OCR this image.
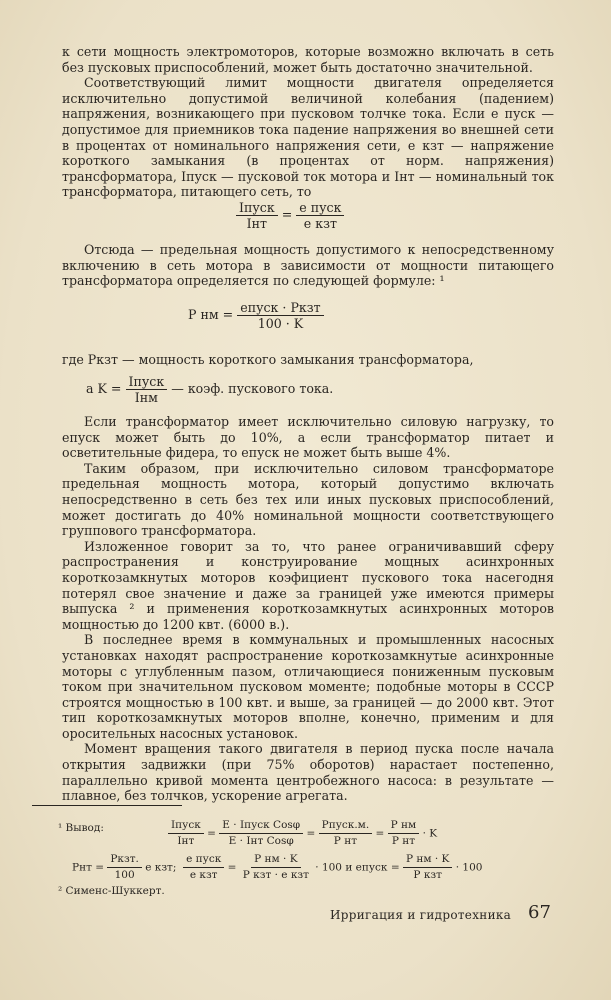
к сети мощность электромоторов, которые возможно включать в сеть без пусковых приспособлений, может быть достаточно значительной.

Соответствующий лимит мощности двигателя определяется исключительно допустимой величиной колебания (падением) напряжения, возникающего при пусковом толчке тока. Если e пуск — допустимое для приемников тока падение напряжения во внешней сети в процентах от номинального напряжения сети, e кзт — напряжение короткого замыкания (в процентах от норм. напряжения) трансформатора, Iпуск — пусковой ток мотора и Iнт — номинальный ток трансформатора, питающего сеть, то

$\frac{\text{Iпуск}}{\text{Iнт}} = \frac{\text{e пуск}}{\text{e кзт}}$

Отсюда — предельная мощность допустимого к непосредственному включению в сеть мотора в зависимости от мощности питающего трансформатора определяется по следующей формуле: ¹

P нм = $\frac{\text{eпуск · Pкзт}}{100 \cdot K}$

где Pкзт — мощность короткого замыкания трансформатора,

а $K = \frac{\text{Iпуск}}{\text{Iнм}}$ — коэф. пускового тока.

Если трансформатор имеет исключительно силовую нагрузку, то eпуск может быть до 10%, а если трансформатор питает и осветительные фидера, то eпуск не может быть выше 4%.

Таким образом, при исключительно силовом трансформаторе предельная мощность мотора, который допустимо включать непосредственно в сеть без тех или иных пусковых приспособлений, может достигать до 40% номинальной мощности соответствующего группового трансформатора.

Изложенное говорит за то, что ранее ограничивавший сферу распространения и конструирование мощных асинхронных короткозамкнутых моторов коэфициент пускового тока насегодня потерял свое значение и даже за границей уже имеются примеры выпуска ² и применения короткозамкнутых асинхронных моторов мощностью до 1200 квт. (6000 в.).

В последнее время в коммунальных и промышленных насосных установках находят распространение короткозамкнутые асинхронные моторы с углубленным пазом, отличающиеся пониженным пусковым током при значительном пусковом моменте; подобные моторы в СССР строятся мощностью в 100 квт. и выше, за границей — до 2000 квт. Этот тип короткозамкнутых моторов вполне, конечно, применим и для оросительных насосных установок.

Момент вращения такого двигателя в период пуска после начала открытия задвижки (при 75% оборотов) нарастает постепенно, параллельно кривой момента центробежного насоса: в результате — плавное, без толчков, ускорение агрегата.

¹ Вывод:	$\frac{\text{Iпуск}}{\text{Iнт}} = \frac{\text{E · Iпуск Cosφ}}{\text{E · Iнт Cosφ}} = \frac{\text{Pпуск.м.}}{\text{P нт}} = \frac{\text{P нм}}{\text{P нт}} \cdot K$
Pнт = $\frac{\text{Pкзт.}}{100}$ e кзт; $\frac{\text{e пуск}}{\text{e кзт}} = \frac{\text{P нм · K}}{\text{P кзт · e кзт}} \cdot 100$ и eпуск = $\frac{\text{P нм · K}}{\text{P кзт}} \cdot 100$
² Сименс-Шуккерт.
Ирригация и гидротехника 67
